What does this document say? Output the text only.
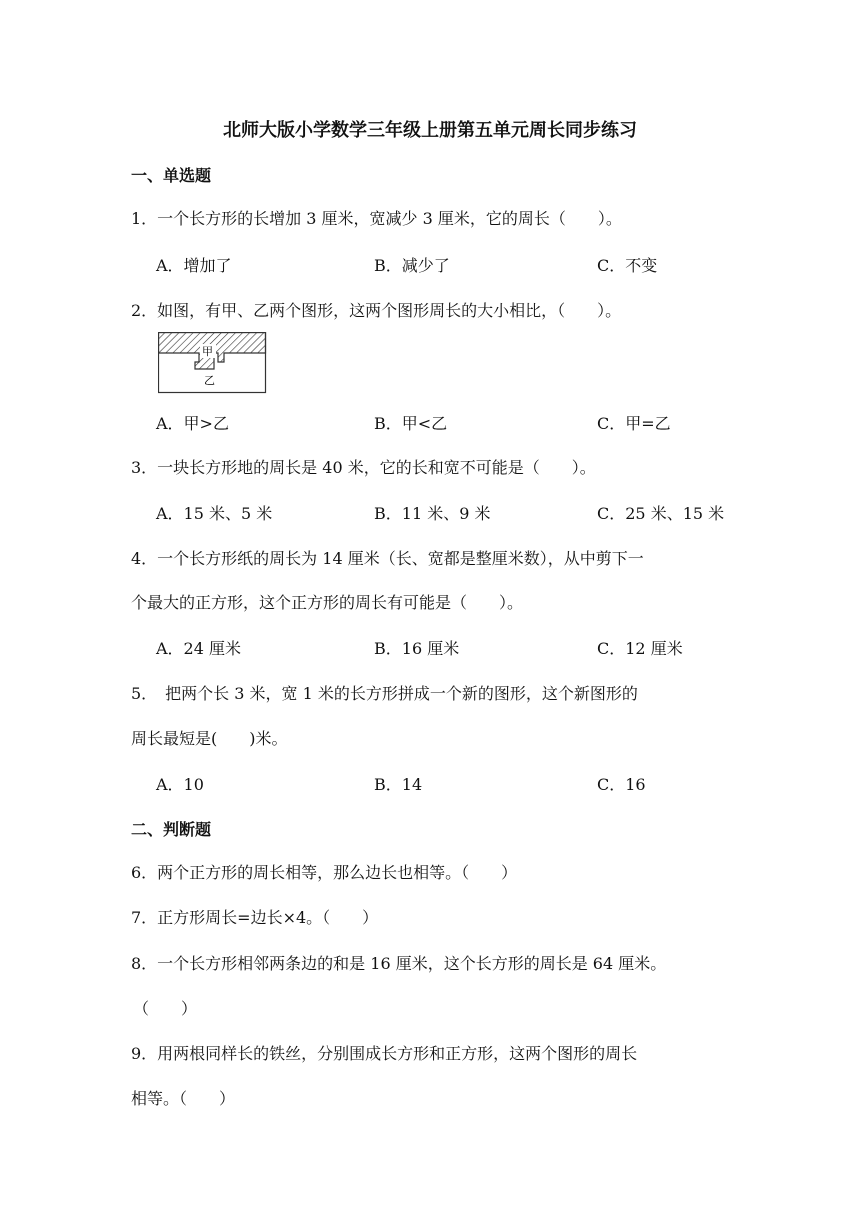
北师大版小学数学三年级上册第五单元周长同步练习
一、单选题
1．一个长方形的长增加 3 厘米，宽减少 3 厘米，它的周长（　　）。
A．增加了	B．减少了	C．不变
2．如图，有甲、乙两个图形，这两个图形周长的大小相比，（　　）。
甲
乙
A．甲>乙	B．甲<乙	C．甲=乙
3．一块长方形地的周长是 40 米，它的长和宽不可能是（　　）。
A．15 米、5 米	B．11 米、9 米	C．25 米、15 米
4．一个长方形纸的周长为 14 厘米（长、宽都是整厘米数），从中剪下一
个最大的正方形，这个正方形的周长有可能是（　　）。
A．24 厘米	B．16 厘米	C．12 厘米
5．　把两个长 3 米，宽 1 米的长方形拼成一个新的图形，这个新图形的
周长最短是(　　)米。
A．10	B．14	C．16
二、判断题
6．两个正方形的周长相等，那么边长也相等。（　　）
7．正方形周长=边长×4。（　　）
8．一个长方形相邻两条边的和是 16 厘米，这个长方形的周长是 64 厘米。
（　　）
9．用两根同样长的铁丝，分别围成长方形和正方形，这两个图形的周长
相等。（　　）
